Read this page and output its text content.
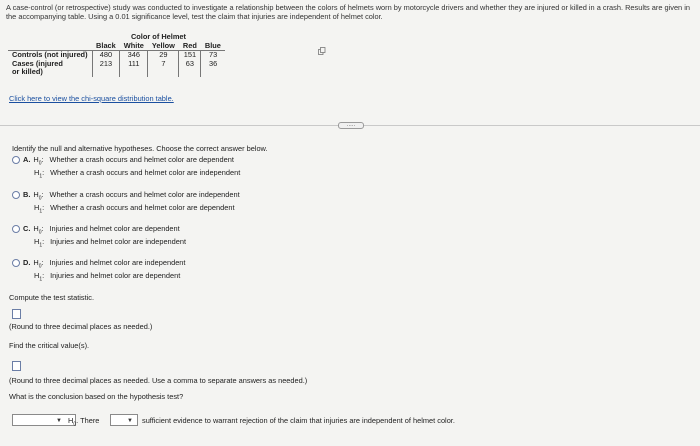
A case-control (or retrospective) study was conducted to investigate a relationship between the colors of helmets worn by motorcycle drivers and whether they are injured or killed in a crash. Results are given in the accompanying table. Using a 0.01 significance level, test the claim that injuries are independent of helmet color.
	Color of Helmet				
	Black	White	Yellow	Red	Blue
Controls (not injured)	480	346	29	151	73
Cases (injured
or killed)	213	111	7	63	36
Click here to view the chi-square distribution table.
.....
Identify the null and alternative hypotheses. Choose the correct answer below.
A. $H_0$: Whether a crash occurs and helmet color are dependent
$H_1$: Whether a crash occurs and helmet color are independent
B. $H_0$: Whether a crash occurs and helmet color are independent
$H_1$: Whether a crash occurs and helmet color are dependent
C. $H_0$: Injuries and helmet color are dependent
$H_1$: Injuries and helmet color are independent
D. $H_0$: Injuries and helmet color are independent
$H_1$: Injuries and helmet color are dependent
Compute the test statistic.
(Round to three decimal places as needed.)
Find the critical value(s).
(Round to three decimal places as needed. Use a comma to separate answers as needed.)
What is the conclusion based on the hypothesis test?
▼ $H_0$. There	▼ sufficient evidence to warrant rejection of the claim that injuries are independent of helmet color.
